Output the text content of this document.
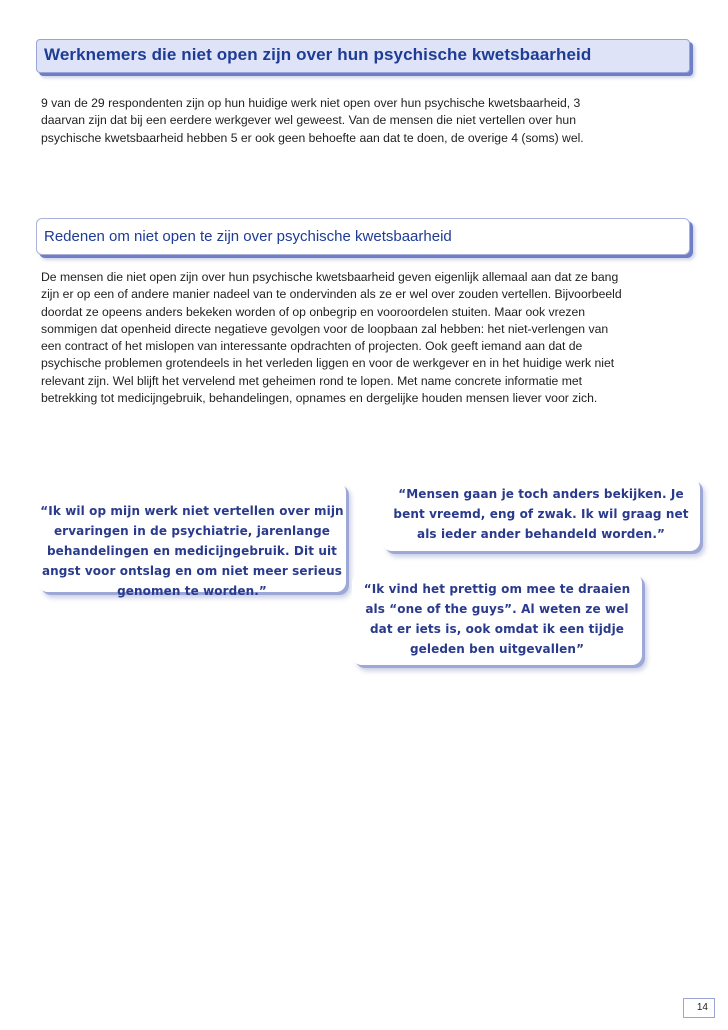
Werknemers die niet open zijn over hun psychische kwetsbaarheid
9 van de 29 respondenten zijn op hun huidige werk niet open over hun psychische kwetsbaarheid, 3
daarvan zijn dat bij een eerdere werkgever wel geweest. Van de mensen die niet vertellen over hun
psychische kwetsbaarheid hebben 5 er ook geen behoefte aan dat te doen, de overige 4 (soms) wel.
Redenen om niet open te zijn over psychische kwetsbaarheid
De mensen die niet open zijn over hun psychische kwetsbaarheid geven eigenlijk allemaal aan dat ze bang
zijn er op een of andere manier nadeel van te ondervinden als ze er wel over zouden vertellen. Bijvoorbeeld
doordat ze opeens anders bekeken worden of op onbegrip en vooroordelen stuiten. Maar ook vrezen
sommigen dat openheid directe negatieve gevolgen voor de loopbaan zal hebben: het niet-verlengen van
een contract of het mislopen van interessante opdrachten of projecten. Ook geeft iemand aan dat de
psychische problemen grotendeels in het verleden liggen en voor de werkgever en in het huidige werk niet
relevant zijn. Wel blijft het vervelend met geheimen rond te lopen. Met name concrete informatie met
betrekking tot medicijngebruik, behandelingen, opnames en dergelijke houden mensen liever voor zich.
“Ik wil op mijn werk niet vertellen over mijn
ervaringen in de psychiatrie, jarenlange
behandelingen en medicijngebruik. Dit uit
angst voor ontslag en om niet meer serieus
genomen te worden.”
“Mensen gaan je toch anders bekijken. Je
bent vreemd, eng of zwak. Ik wil graag net
als ieder ander behandeld worden.”
“Ik vind het prettig om mee te draaien
als “one of the guys”. Al weten ze wel
dat er iets is, ook omdat ik een tijdje
geleden ben uitgevallen”
14
